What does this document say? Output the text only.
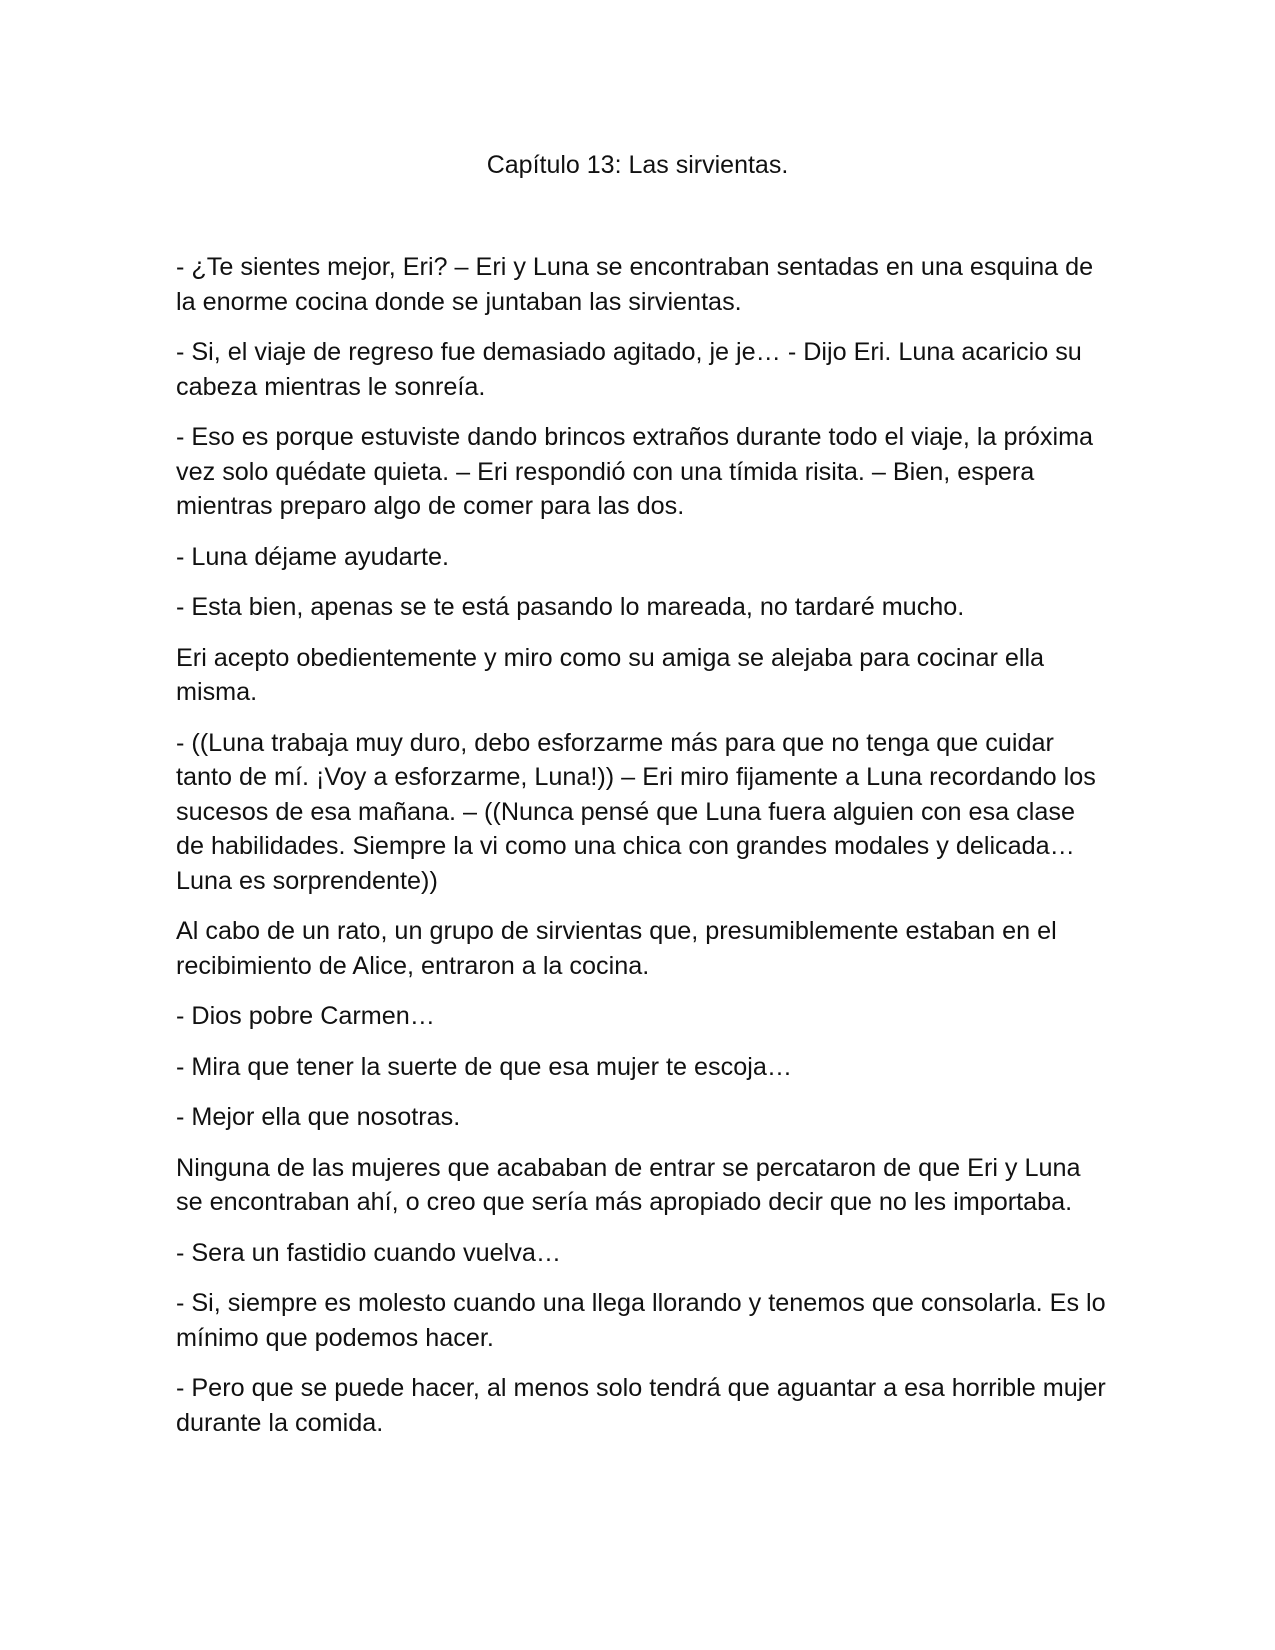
Capítulo 13: Las sirvientas.

- ¿Te sientes mejor, Eri? – Eri y Luna se encontraban sentadas en una esquina de la enorme cocina donde se juntaban las sirvientas.

- Si, el viaje de regreso fue demasiado agitado, je je… - Dijo Eri. Luna acaricio su cabeza mientras le sonreía.

- Eso es porque estuviste dando brincos extraños durante todo el viaje, la próxima vez solo quédate quieta. – Eri respondió con una tímida risita. – Bien, espera mientras preparo algo de comer para las dos.

- Luna déjame ayudarte.

- Esta bien, apenas se te está pasando lo mareada, no tardaré mucho.

Eri acepto obedientemente y miro como su amiga se alejaba para cocinar ella misma.

- ((Luna trabaja muy duro, debo esforzarme más para que no tenga que cuidar tanto de mí. ¡Voy a esforzarme, Luna!)) – Eri miro fijamente a Luna recordando los sucesos de esa mañana. – ((Nunca pensé que Luna fuera alguien con esa clase de habilidades. Siempre la vi como una chica con grandes modales y delicada… Luna es sorprendente))

Al cabo de un rato, un grupo de sirvientas que, presumiblemente estaban en el recibimiento de Alice, entraron a la cocina.

- Dios pobre Carmen…

- Mira que tener la suerte de que esa mujer te escoja…

- Mejor ella que nosotras.

Ninguna de las mujeres que acababan de entrar se percataron de que Eri y Luna se encontraban ahí, o creo que sería más apropiado decir que no les importaba.

- Sera un fastidio cuando vuelva…

- Si, siempre es molesto cuando una llega llorando y tenemos que consolarla. Es lo mínimo que podemos hacer.

- Pero que se puede hacer, al menos solo tendrá que aguantar a esa horrible mujer durante la comida.
